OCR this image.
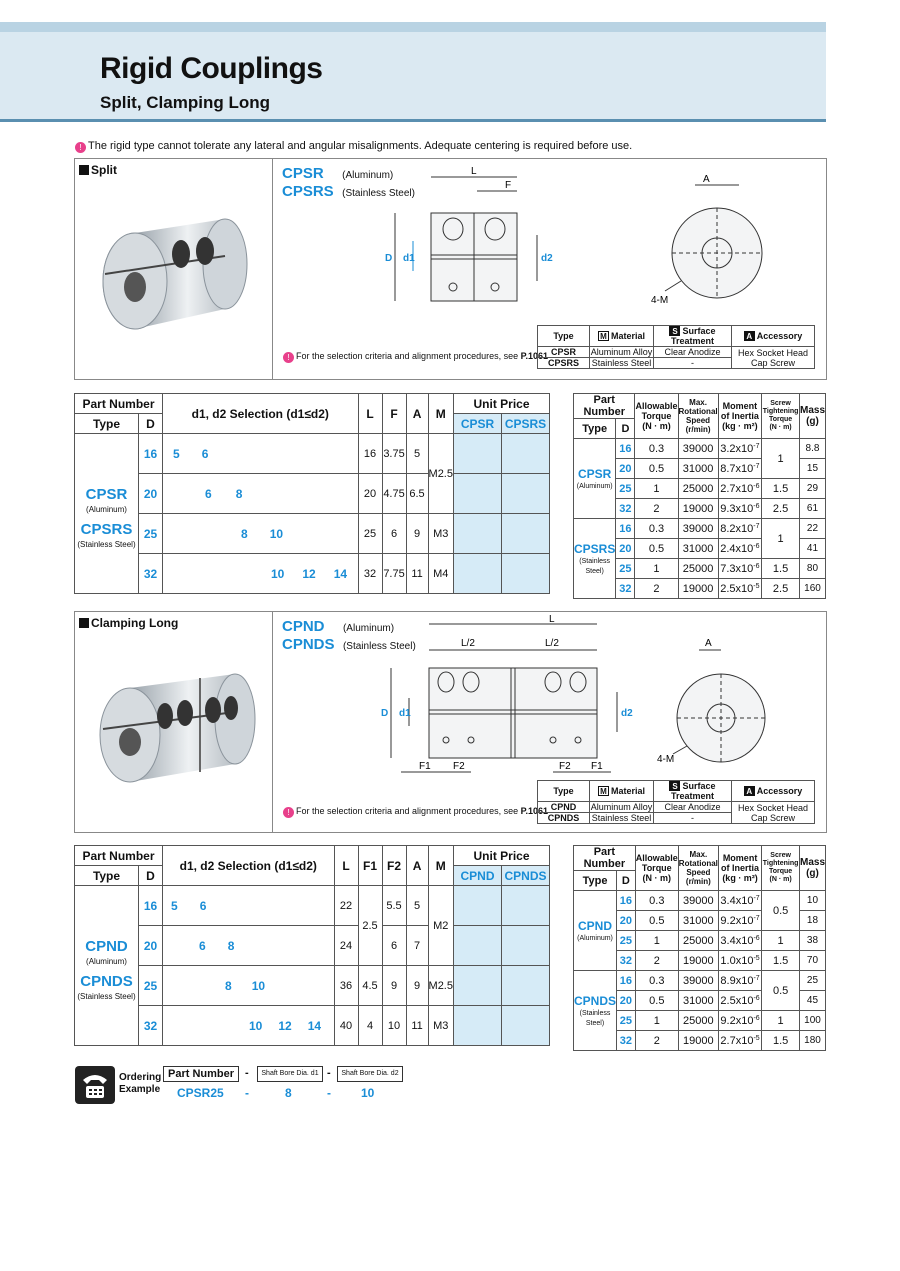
Rigid Couplings
Split, Clamping Long
! The rigid type cannot tolerate any lateral and angular misalignments. Adequate centering is required before use.
Split	CPSR (Aluminum)
CPSRS (Stainless Steel)
L
F
D d1	d2
A
4-M
! For the selection criteria and alignment procedures, see P.1061
Type	M Material	S Surface Treatment	A Accessory
CPSR	Aluminum Alloy	Clear Anodize	Hex Socket Head Cap Screw
CPSRS	Stainless Steel	-	
Part Number		d1, d2 Selection (d1≤d2)	L	F	A	M	Unit Price	
Type	D						CPSR	CPSRS

CPSR
(Aluminum)
CPSRS
(Stainless Steel)	16	5 6	16	3.75	5	M2.5		
	20	6 8	20	4.75	6.5			
	25	8 10	25	6	9	M3		
	32	10 12 14	32	7.75	11	M4		
Part Number		Allowable Torque
(N · m)	Max. Rotational Speed
(r/min)	Moment of Inertia
(kg · m²)	Screw Tightening Torque
(N · m)	Mass
(g)
Type	D					
CPSR
(Aluminum)	16	0.3	39000	$3.2x10^{-7}$	1	8.8
	20	0.5	31000	$8.7x10^{-7}$		15
	25	1	25000	$2.7x10^{-6}$	1.5	29
	32	2	19000	$9.3x10^{-6}$	2.5	61
CPSRS
(Stainless Steel)	16	0.3	39000	$8.2x10^{-7}$	1	22
	20	0.5	31000	$2.4x10^{-6}$		41
	25	1	25000	$7.3x10^{-6}$	1.5	80
	32	2	19000	$2.5x10^{-5}$	2.5	160
Clamping Long	CPND (Aluminum)
CPNDS (Stainless Steel)
L
L/2	L/2	A
D d1	d2
4-M
F1 F2	F2 F1
! For the selection criteria and alignment procedures, see P.1061
Type	M Material	S Surface Treatment	A Accessory
CPND	Aluminum Alloy	Clear Anodize	Hex Socket Head Cap Screw
CPNDS	Stainless Steel	-	
Part Number		d1, d2 Selection (d1≤d2)	L	F1	F2	A	M	Unit Price	
Type	D							CPND	CPNDS

CPND
(Aluminum)
CPNDS
(Stainless Steel)	16	5 6	22	2.5	5.5	5	M2		
	20	6 8	24		6	7			
	25	8 10	36	4.5	9	9	M2.5		
	32	10 12 14	40	4	10	11	M3		
Part Number		Allowable Torque
(N · m)	Max. Rotational Speed
(r/min)	Moment of Inertia
(kg · m²)	Screw Tightening Torque
(N · m)	Mass
(g)
Type	D					
CPND
(Aluminum)	16	0.3	39000	$3.4x10^{-7}$	0.5	10
	20	0.5	31000	$9.2x10^{-7}$		18
	25	1	25000	$3.4x10^{-6}$	1	38
	32	2	19000	$1.0x10^{-5}$	1.5	70
CPNDS
(Stainless Steel)	16	0.3	39000	$8.9x10^{-7}$	0.5	25
	20	0.5	31000	$2.5x10^{-6}$		45
	25	1	25000	$9.2x10^{-6}$	1	100
	32	2	19000	$2.7x10^{-5}$	1.5	180
Ordering
Example
Part Number -	Shaft Bore Dia. d1 -	Shaft Bore Dia. d2
CPSR25 -	8	-	10
